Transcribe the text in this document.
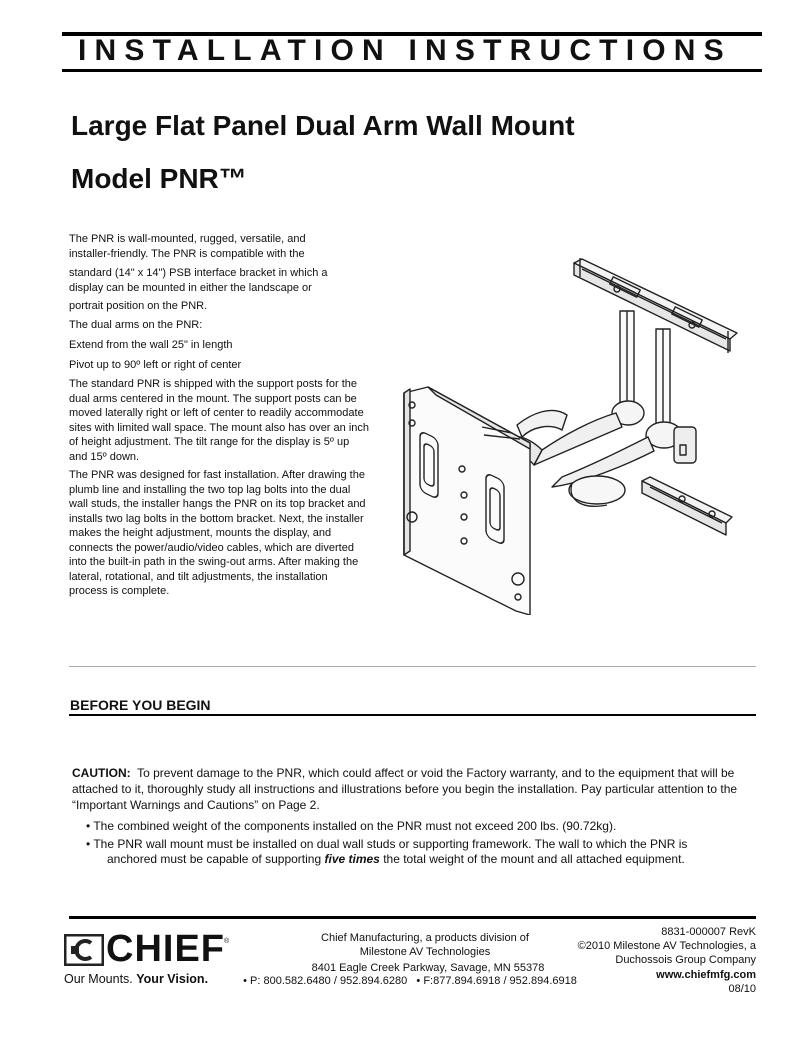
INSTALLATION INSTRUCTIONS
Large Flat Panel Dual Arm Wall Mount
Model PNR™

The PNR is wall-mounted, rugged, versatile, and installer-friendly. The PNR is compatible with the

standard (14" x 14") PSB interface bracket in which a display can be mounted in either the landscape or

portrait position on the PNR.

The dual arms on the PNR:

Extend from the wall 25" in length

Pivot up to 90º left or right of center

The standard PNR is shipped with the support posts for the dual arms centered in the mount. The support posts can be moved laterally right or left of center to readily accommodate sites with limited wall space. The mount also has over an inch of height adjustment. The tilt range for the display is 5º up and 15º down.

The PNR was designed for fast installation. After drawing the plumb line and installing the two top lag bolts into the dual wall studs, the installer hangs the PNR on its top bracket and installs two lag bolts in the bottom bracket. Next, the installer makes the height adjustment, mounts the display, and connects the power/audio/video cables, which are diverted into the built-in path in the swing-out arms. After making the lateral, rotational, and tilt adjustments, the installation process is complete.

BEFORE YOU BEGIN
CAUTION: To prevent damage to the PNR, which could affect or void the Factory warranty, and to the equipment that will be attached to it, thoroughly study all instructions and illustrations before you begin the installation. Pay particular attention to the “Important Warnings and Cautions” on Page 2.
• The combined weight of the components installed on the PNR must not exceed 200 lbs. (90.72kg).
• The PNR wall mount must be installed on dual wall studs or supporting framework. The wall to which the PNR is
anchored must be capable of supporting five times the total weight of the mount and all attached equipment.
CHIEF ®
Our Mounts. Your Vision.
Chief Manufacturing, a products division of
Milestone AV Technologies
8401 Eagle Creek Parkway, Savage, MN 55378
• P: 800.582.6480 / 952.894.6280   • F:877.894.6918 / 952.894.6918
8831-000007 RevK
©2010 Milestone AV Technologies, a
Duchossois Group Company
www.chiefmfg.com
08/10
